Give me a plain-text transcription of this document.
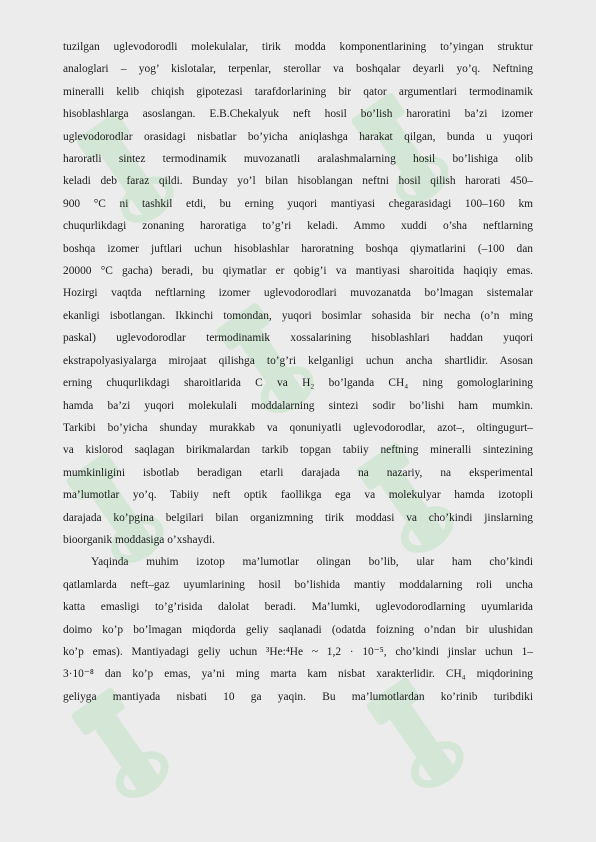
tuzilgan uglevodorodli molekulalar, tirik modda komponentlarining to’yingan struktur
analoglari – yog’ kislotalar, terpenlar, sterollar va boshqalar deyarli yo’q. Neftning
mineralli kelib chiqish gipotezasi tarafdorlarining bir qator argumentlari termodinamik
hisoblashlarga asoslangan. E.B.Chekalyuk neft hosil bo’lish haroratini ba’zi izomer
uglevodorodlar orasidagi nisbatlar bo’yicha aniqlashga harakat qilgan, bunda u yuqori
haroratli sintez termodinamik muvozanatli aralashmalarning hosil bo’lishiga olib
keladi deb faraz qildi. Bunday yo’l bilan hisoblangan neftni hosil qilish harorati 450–
900 °C ni tashkil etdi, bu erning yuqori mantiyasi chegarasidagi 100–160 km
chuqurlikdagi zonaning haroratiga to’g’ri keladi. Ammo xuddi o’sha neftlarning
boshqa izomer juftlari uchun hisoblashlar haroratning boshqa qiymatlarini (–100 dan
20000 °C gacha) beradi, bu qiymatlar er qobig’i va mantiyasi sharoitida haqiqiy emas.
Hozirgi vaqtda neftlarning izomer uglevodorodlari muvozanatda bo’lmagan sistemalar
ekanligi isbotlangan. Ikkinchi tomondan, yuqori bosimlar sohasida bir necha (o’n ming
paskal) uglevodorodlar termodinamik xossalarining hisoblashlari haddan yuqori
ekstrapolyasiyalarga mirojaat qilishga to’g’ri kelganligi uchun ancha shartlidir. Asosan
erning chuqurlikdagi sharoitlarida C va H₂ bo’lganda CH₄ ning gomologlarining
hamda ba’zi yuqori molekulali moddalarning sintezi sodir bo’lishi ham mumkin.
Tarkibi bo’yicha shunday murakkab va qonuniyatli uglevodorodlar, azot–, oltingugurt–
va kislorod saqlagan birikmalardan tarkib topgan tabiiy neftning mineralli sintezining
mumkinligini isbotlab beradigan etarli darajada na nazariy, na eksperimental
ma’lumotlar yo’q. Tabiiy neft optik faollikga ega va molekulyar hamda izotopli
darajada ko’pgina belgilari bilan organizmning tirik moddasi va cho’kindi jinslarning
bioorganik moddasiga o’xshaydi.
Yaqinda muhim izotop ma’lumotlar olingan bo’lib, ular ham cho’kindi
qatlamlarda neft–gaz uyumlarining hosil bo’lishida mantiy moddalarning roli uncha
katta emasligi to’g’risida dalolat beradi. Ma’lumki, uglevodorodlarning uyumlarida
doimo ko’p bo’lmagan miqdorda geliy saqlanadi (odatda foizning o’ndan bir ulushidan
ko’p emas). Mantiyadagi geliy uchun ³He:⁴He ~ 1,2 · 10⁻⁵, cho’kindi jinslar uchun 1–
3·10⁻⁸ dan ko’p emas, ya’ni ming marta kam nisbat xarakterlidir. CH₄ miqdorining
geliyga mantiyada nisbati 10 ga yaqin. Bu ma’lumotlardan ko’rinib turibdiki
